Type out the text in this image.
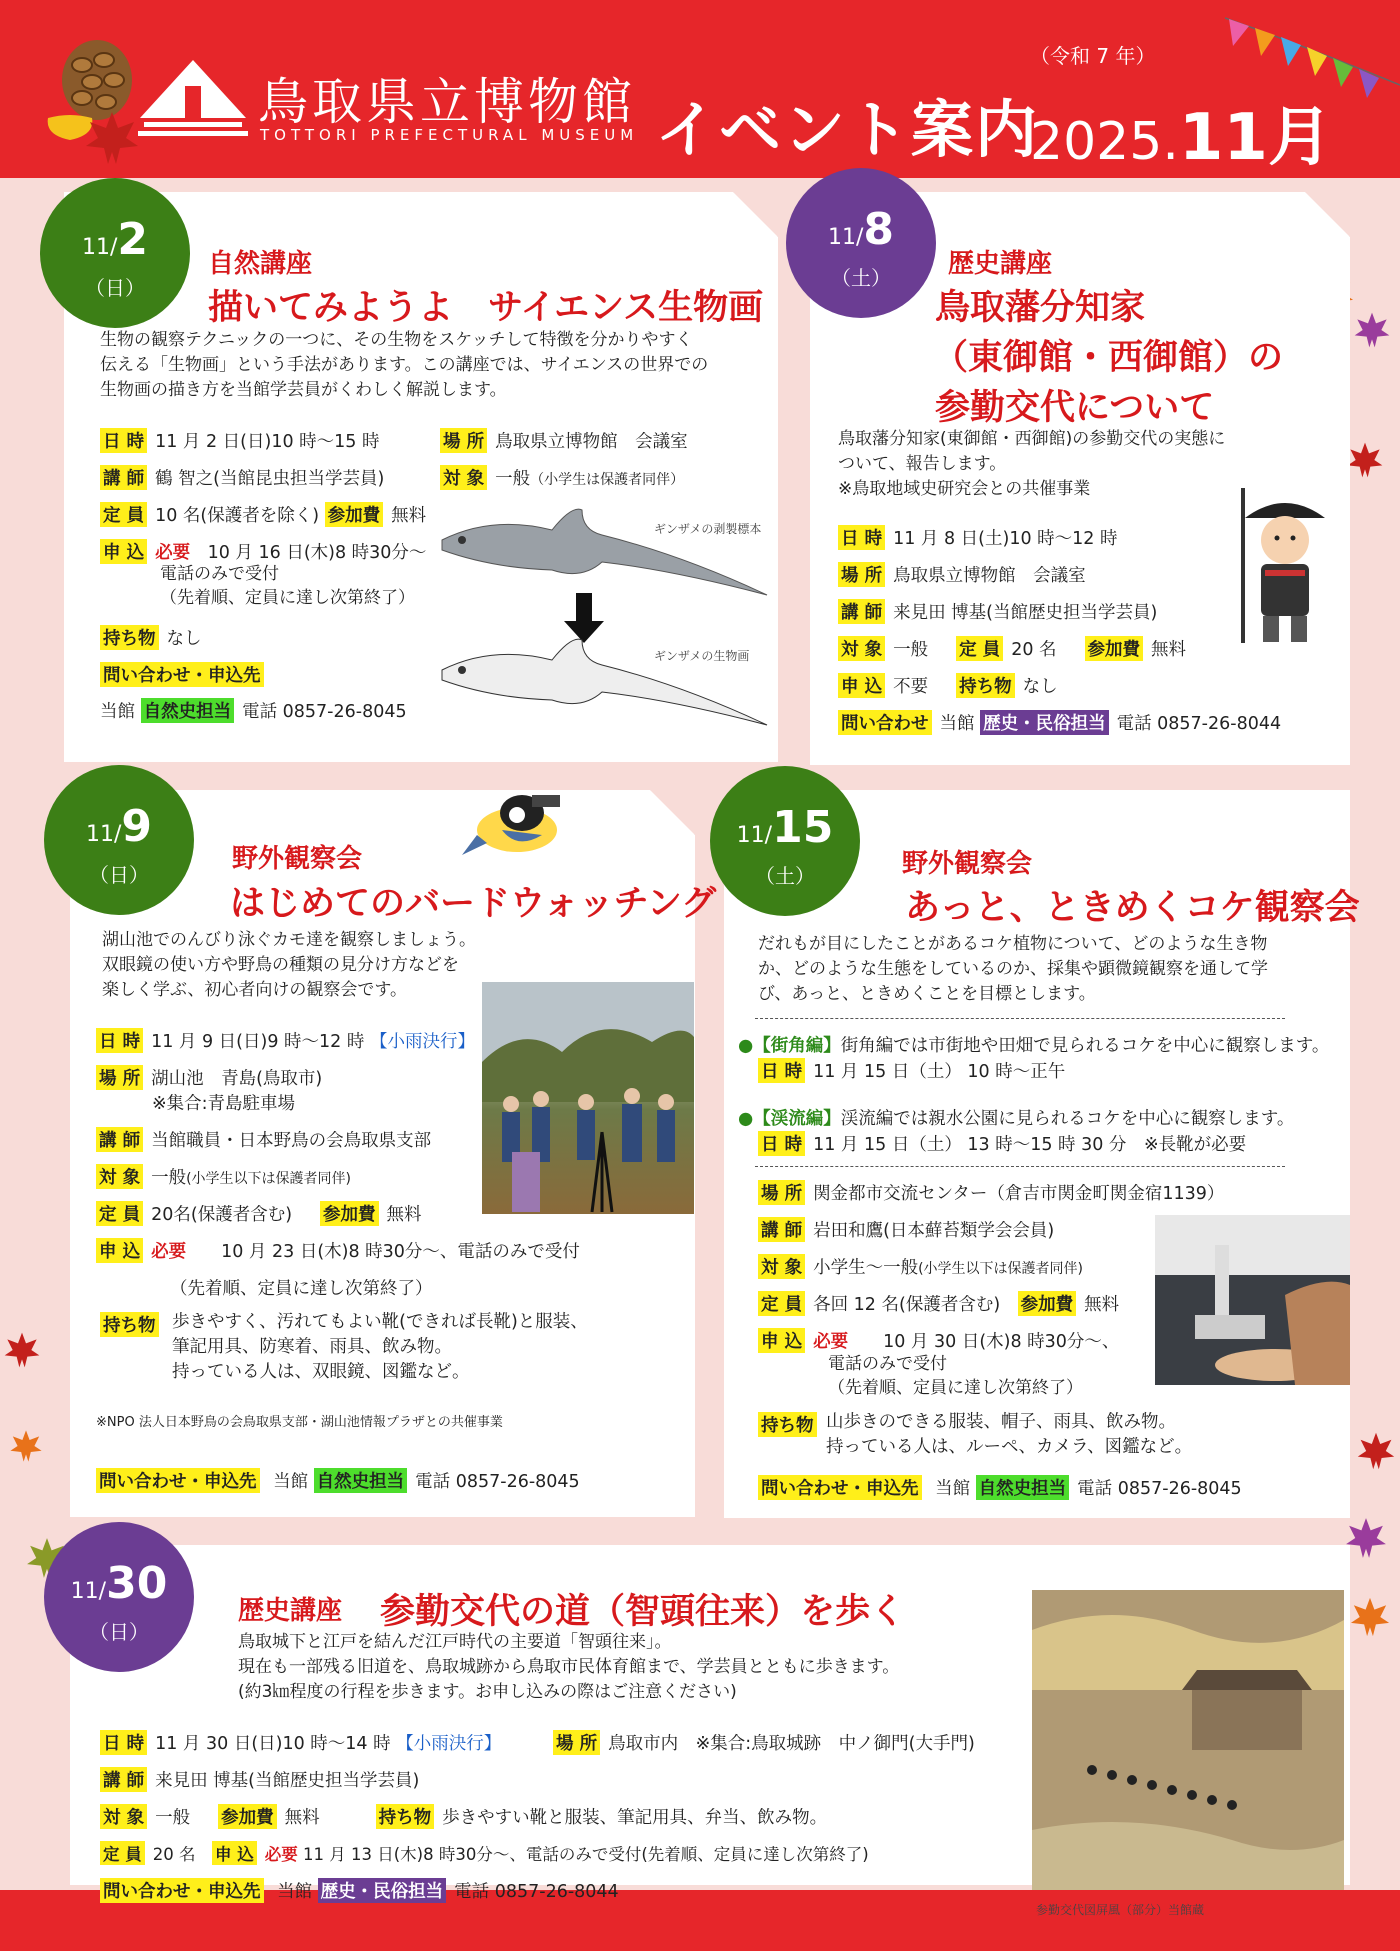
鳥取県立博物館
TOTTORI PREFECTURAL MUSEUM
（令和 7 年）
イベント案内
2025.11月
11/2
（日）
自然講座
描いてみようよ　サイエンス生物画
生物の観察テクニックの一つに、その生物をスケッチして特徴を分かりやすく
伝える「生物画」という手法があります。この講座では、サイエンスの世界での
生物画の描き方を当館学芸員がくわしく解説します。
日 時 11 月 2 日(日)10 時～15 時	場 所 鳥取県立博物館　会議室
講 師 鶴 智之(当館昆虫担当学芸員)	対 象 一般（小学生は保護者同伴）
定 員 10 名(保護者を除く) 参加費 無料
申 込 必要　 10 月 16 日(木)8 時30分～
電話のみで受付
（先着順、定員に達し次第終了）
持ち物 なし
問い合わせ・申込先
当館 自然史担当 電話 0857-26-8045
ギンザメの剥製標本
ギンザメの生物画
11/8
（土）	歴史講座
鳥取藩分知家
（東御館・西御館）の
参勤交代について
鳥取藩分知家(東御館・西御館)の参勤交代の実態に
ついて、報告します。
※鳥取地域史研究会との共催事業
日 時 11 月 8 日(土)10 時～12 時
場 所 鳥取県立博物館　会議室
講 師 来見田 博基(当館歴史担当学芸員)
対 象 一般 定 員 20 名 参加費 無料
申 込 不要 持ち物 なし
問い合わせ 当館 歴史・民俗担当 電話 0857-26-8044
11/9
（日）
野外観察会
はじめてのバードウォッチング
湖山池でのんびり泳ぐカモ達を観察しましょう。
双眼鏡の使い方や野鳥の種類の見分け方などを
楽しく学ぶ、初心者向けの観察会です。
日 時 11 月 9 日(日)9 時～12 時 【小雨決行】
場 所 湖山池　青島(鳥取市)
※集合:青島駐車場
講 師 当館職員・日本野鳥の会鳥取県支部
対 象 一般(小学生以下は保護者同伴)
定 員 20名(保護者含む) 参加費 無料
申 込 必要　　 10 月 23 日(木)8 時30分～、電話のみで受付
（先着順、定員に達し次第終了）
持ち物 歩きやすく、汚れてもよい靴(できれば長靴)と服装、
筆記用具、防寒着、雨具、飲み物。
持っている人は、双眼鏡、図鑑など。
※NPO 法人日本野鳥の会鳥取県支部・湖山池情報プラザとの共催事業
問い合わせ・申込先 当館 自然史担当 電話 0857-26-8045
11/15
（土）	野外観察会
あっと、ときめくコケ観察会
だれもが目にしたことがあるコケ植物について、どのような生き物
か、どのような生態をしているのか、採集や顕微鏡観察を通して学
び、あっと、ときめくことを目標とします。
●【街角編】街角編では市街地や田畑で見られるコケを中心に観察します。
日 時 11 月 15 日（土） 10 時～正午
●【渓流編】渓流編では親水公園に見られるコケを中心に観察します。
日 時 11 月 15 日（土） 13 時～15 時 30 分　 ※長靴が必要
場 所 関金都市交流センター（倉吉市関金町関金宿1139）
講 師 岩田和鷹(日本蘚苔類学会会員)
対 象 小学生～一般(小学生以下は保護者同伴)
定 員 各回 12 名(保護者含む)　 参加費 無料
申 込 必要　　 10 月 30 日(木)8 時30分～、
電話のみで受付
（先着順、定員に達し次第終了）
持ち物 山歩きのできる服装、帽子、雨具、飲み物。
持っている人は、ルーペ、カメラ、図鑑など。
問い合わせ・申込先 当館 自然史担当 電話 0857-26-8045
11/30
（日）
歴史講座 参勤交代の道（智頭往来）を歩く
鳥取城下と江戸を結んだ江戸時代の主要道「智頭往来」。
現在も一部残る旧道を、鳥取城跡から鳥取市民体育館まで、学芸員とともに歩きます。
(約3㎞程度の行程を歩きます。お申し込みの際はご注意ください)
日 時 11 月 30 日(日)10 時～14 時 【小雨決行】	場 所 鳥取市内　※集合:鳥取城跡　中ノ御門(大手門)
講 師 来見田 博基(当館歴史担当学芸員)
対 象 一般 参加費 無料	持ち物 歩きやすい靴と服装、筆記用具、弁当、飲み物。
定 員 20 名　 申 込 必要 11 月 13 日(木)8 時30分～、電話のみで受付(先着順、定員に達し次第終了)
問い合わせ・申込先 当館 歴史・民俗担当 電話 0857-26-8044
参勤交代図屏風（部分）当館蔵
